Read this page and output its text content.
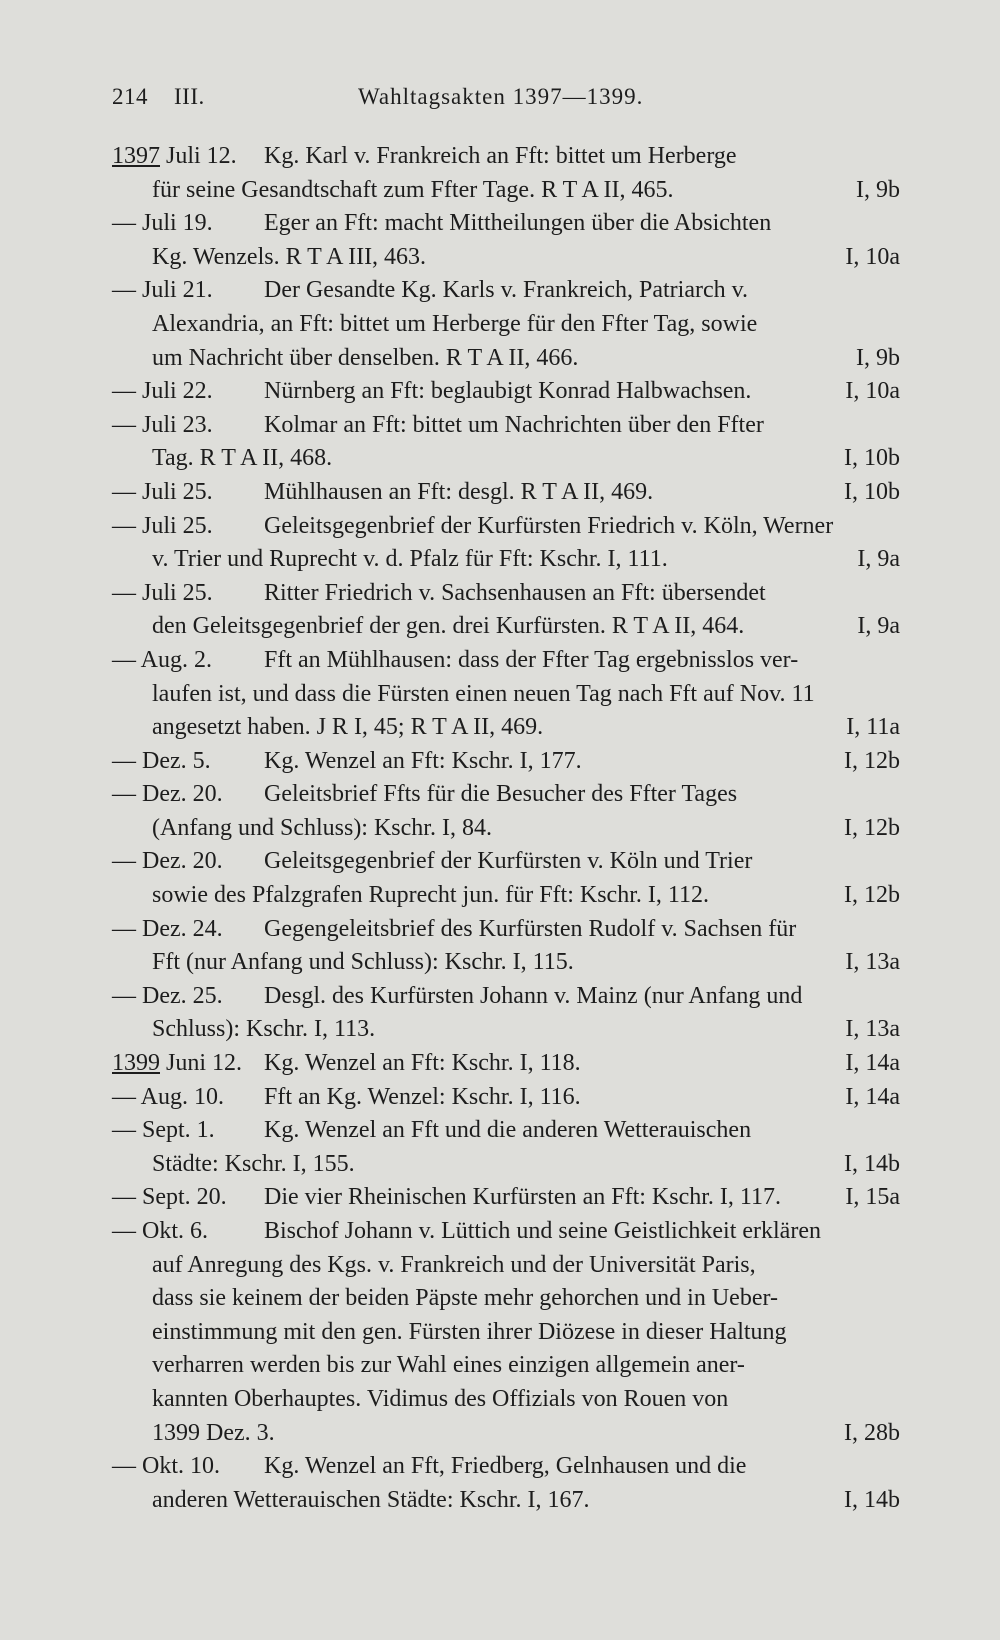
214 III.	Wahltagsakten 1397—1399.
1397 Juli 12. Kg. Karl v. Frankreich an Fft: bittet um Herberge
für seine Gesandtschaft zum Ffter Tage. R T A II, 465.	I, 9b
— Juli 19. Eger an Fft: macht Mittheilungen über die Absichten
Kg. Wenzels. R T A III, 463.	I, 10a
— Juli 21. Der Gesandte Kg. Karls v. Frankreich, Patriarch v.
Alexandria, an Fft: bittet um Herberge für den Ffter Tag, sowie
um Nachricht über denselben. R T A II, 466.	I, 9b
— Juli 22. Nürnberg an Fft: beglaubigt Konrad Halbwachsen.	I, 10a
— Juli 23. Kolmar an Fft: bittet um Nachrichten über den Ffter
Tag. R T A II, 468.	I, 10b
— Juli 25. Mühlhausen an Fft: desgl. R T A II, 469.	I, 10b
— Juli 25. Geleitsgegenbrief der Kurfürsten Friedrich v. Köln, Werner
v. Trier und Ruprecht v. d. Pfalz für Fft: Kschr. I, 111.	I, 9a
— Juli 25. Ritter Friedrich v. Sachsenhausen an Fft: übersendet
den Geleitsgegenbrief der gen. drei Kurfürsten. R T A II, 464.	I, 9a
— Aug. 2. Fft an Mühlhausen: dass der Ffter Tag ergebnisslos ver-
laufen ist, und dass die Fürsten einen neuen Tag nach Fft auf Nov. 11
angesetzt haben. J R I, 45; R T A II, 469.	I, 11a
— Dez. 5. Kg. Wenzel an Fft: Kschr. I, 177.	I, 12b
— Dez. 20. Geleitsbrief Ffts für die Besucher des Ffter Tages
(Anfang und Schluss): Kschr. I, 84.	I, 12b
— Dez. 20. Geleitsgegenbrief der Kurfürsten v. Köln und Trier
sowie des Pfalzgrafen Ruprecht jun. für Fft: Kschr. I, 112.	I, 12b
— Dez. 24. Gegengeleitsbrief des Kurfürsten Rudolf v. Sachsen für
Fft (nur Anfang und Schluss): Kschr. I, 115.	I, 13a
— Dez. 25. Desgl. des Kurfürsten Johann v. Mainz (nur Anfang und
Schluss): Kschr. I, 113.	I, 13a
1399 Juni 12. Kg. Wenzel an Fft: Kschr. I, 118.	I, 14a
— Aug. 10. Fft an Kg. Wenzel: Kschr. I, 116.	I, 14a
— Sept. 1. Kg. Wenzel an Fft und die anderen Wetterauischen
Städte: Kschr. I, 155.	I, 14b
— Sept. 20. Die vier Rheinischen Kurfürsten an Fft: Kschr. I, 117.	I, 15a
— Okt. 6. Bischof Johann v. Lüttich und seine Geistlichkeit erklären
auf Anregung des Kgs. v. Frankreich und der Universität Paris,
dass sie keinem der beiden Päpste mehr gehorchen und in Ueber-
einstimmung mit den gen. Fürsten ihrer Diözese in dieser Haltung
verharren werden bis zur Wahl eines einzigen allgemein aner-
kannten Oberhauptes. Vidimus des Offizials von Rouen von
1399 Dez. 3.	I, 28b
— Okt. 10. Kg. Wenzel an Fft, Friedberg, Gelnhausen und die
anderen Wetterauischen Städte: Kschr. I, 167.	I, 14b
